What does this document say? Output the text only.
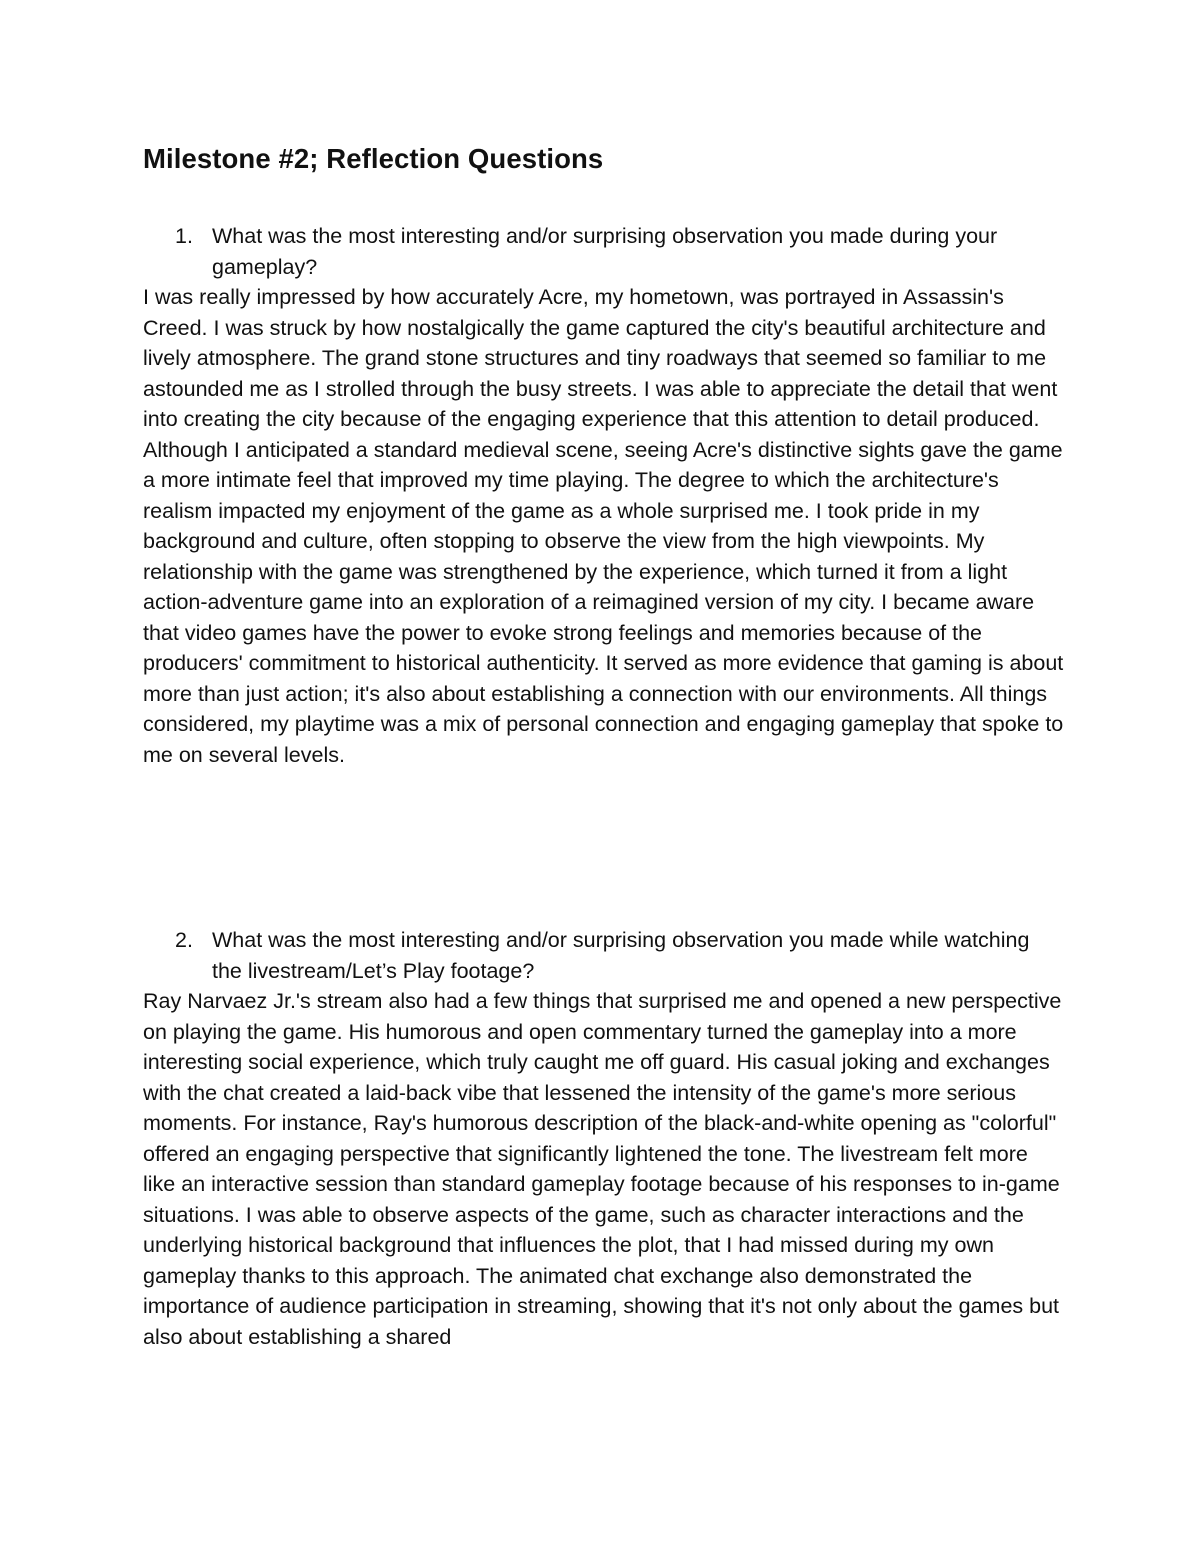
Milestone #2; Reflection Questions
1. What was the most interesting and/or surprising observation you made during your gameplay?

I was really impressed by how accurately Acre, my hometown, was portrayed in Assassin's Creed. I was struck by how nostalgically the game captured the city's beautiful architecture and lively atmosphere. The grand stone structures and tiny roadways that seemed so familiar to me astounded me as I strolled through the busy streets. I was able to appreciate the detail that went into creating the city because of the engaging experience that this attention to detail produced. Although I anticipated a standard medieval scene, seeing Acre's distinctive sights gave the game a more intimate feel that improved my time playing. The degree to which the architecture's realism impacted my enjoyment of the game as a whole surprised me. I took pride in my background and culture, often stopping to observe the view from the high viewpoints. My relationship with the game was strengthened by the experience, which turned it from a light action-adventure game into an exploration of a reimagined version of my city. I became aware that video games have the power to evoke strong feelings and memories because of the producers' commitment to historical authenticity. It served as more evidence that gaming is about more than just action; it's also about establishing a connection with our environments. All things considered, my playtime was a mix of personal connection and engaging gameplay that spoke to me on several levels.

2. What was the most interesting and/or surprising observation you made while watching the livestream/Let’s Play footage?

Ray Narvaez Jr.'s stream also had a few things that surprised me and opened a new perspective on playing the game. His humorous and open commentary turned the gameplay into a more interesting social experience, which truly caught me off guard. His casual joking and exchanges with the chat created a laid-back vibe that lessened the intensity of the game's more serious moments. For instance, Ray's humorous description of the black-and-white opening as "colorful" offered an engaging perspective that significantly lightened the tone. The livestream felt more like an interactive session than standard gameplay footage because of his responses to in-game situations. I was able to observe aspects of the game, such as character interactions and the underlying historical background that influences the plot, that I had missed during my own gameplay thanks to this approach. The animated chat exchange also demonstrated the importance of audience participation in streaming, showing that it's not only about the games but also about establishing a shared
